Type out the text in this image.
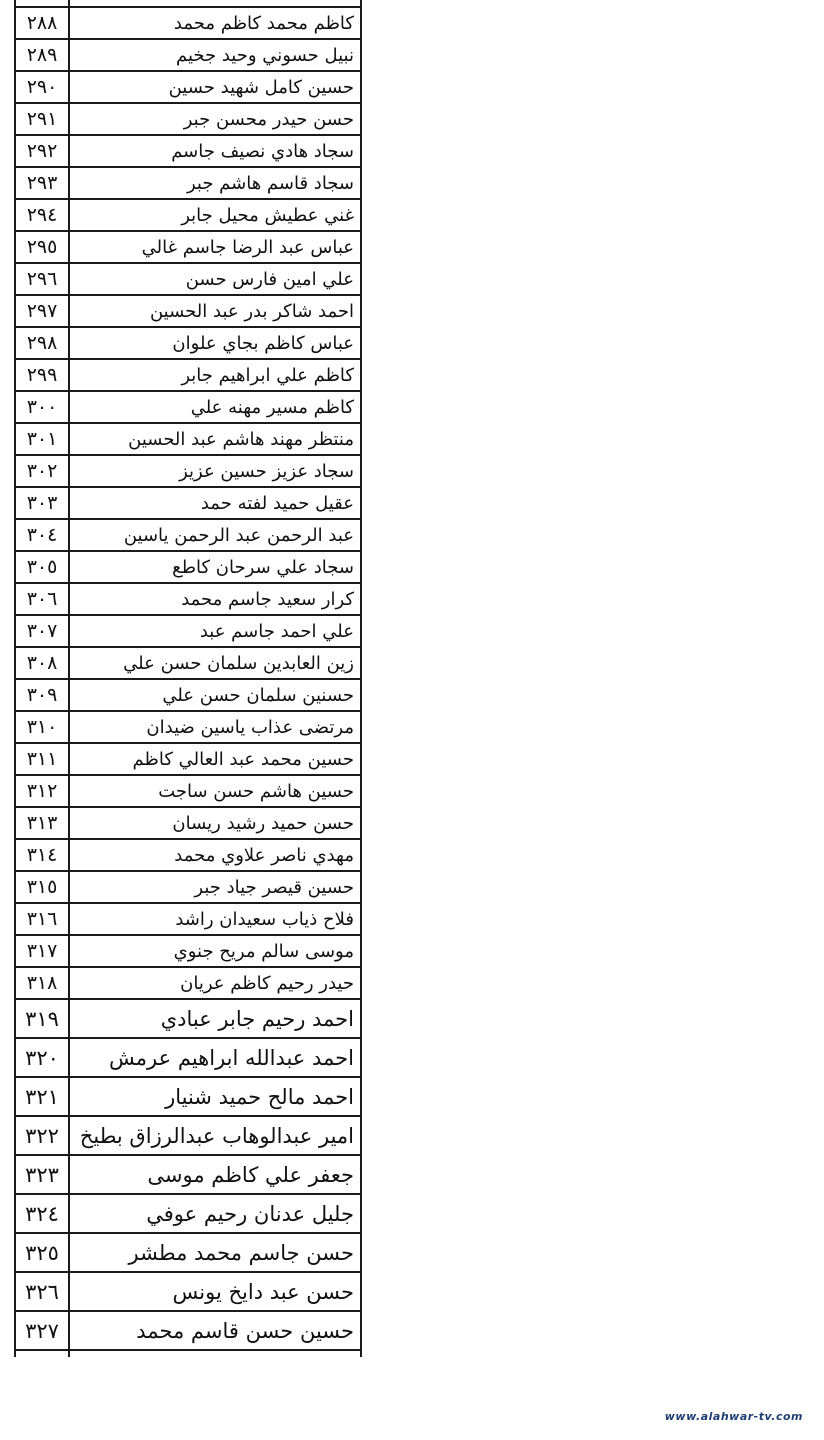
٢٨٨	كاظم محمد كاظم محمد
٢٨٩	نبيل حسوني وحيد جخيم
٢٩٠	حسين كامل شهيد حسين
٢٩١	حسن حيدر محسن جبر
٢٩٢	سجاد هادي نصيف جاسم
٢٩٣	سجاد قاسم هاشم جبر
٢٩٤	غني عطيش محيل جابر
٢٩٥	عباس عبد الرضا جاسم غالي
٢٩٦	علي امين فارس حسن
٢٩٧	احمد شاكر بدر عبد الحسين
٢٩٨	عباس كاظم بجاي علوان
٢٩٩	كاظم علي ابراهيم جابر
٣٠٠	كاظم مسير مهنه علي
٣٠١	منتظر مهند هاشم عبد الحسين
٣٠٢	سجاد عزيز حسين عزيز
٣٠٣	عقيل حميد لفته حمد
٣٠٤	عبد الرحمن عبد الرحمن ياسين
٣٠٥	سجاد علي سرحان كاطع
٣٠٦	كرار سعيد جاسم محمد
٣٠٧	علي احمد جاسم عبد
٣٠٨	زين العابدين سلمان حسن علي
٣٠٩	حسنين سلمان حسن علي
٣١٠	مرتضى عذاب ياسين ضيدان
٣١١	حسين محمد عبد العالي كاظم
٣١٢	حسين هاشم حسن ساجت
٣١٣	حسن حميد رشيد ريسان
٣١٤	مهدي ناصر علاوي محمد
٣١٥	حسين قيصر جياد جبر
٣١٦	فلاح ذياب سعيدان راشد
٣١٧	موسى سالم مريح جنوي
٣١٨	حيدر رحيم كاظم عريان
٣١٩	احمد رحيم جابر عبادي
٣٢٠	احمد عبدالله ابراهيم عرمش
٣٢١	احمد مالح حميد شنيار
٣٢٢	امير عبدالوهاب عبدالرزاق بطيخ
٣٢٣	جعفر علي كاظم موسى
٣٢٤	جليل عدنان رحيم عوفي
٣٢٥	حسن جاسم محمد مطشر
٣٢٦	حسن عبد دايخ يونس
٣٢٧	حسين حسن قاسم محمد

www.alahwar-tv.com
